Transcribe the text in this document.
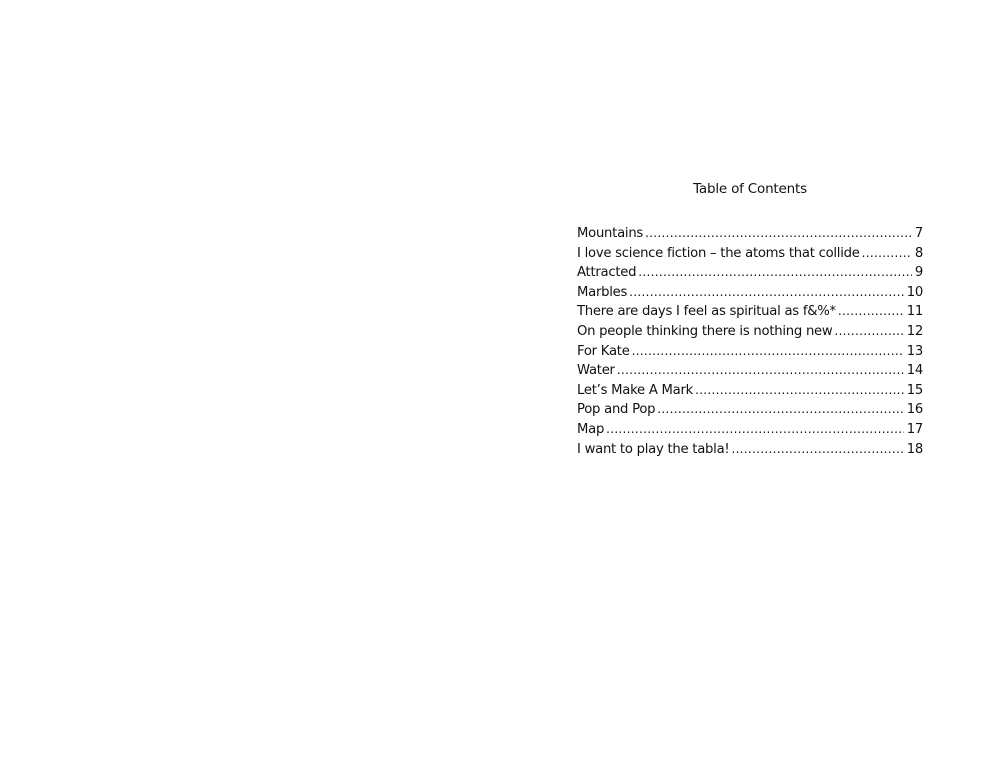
Table of Contents
Mountains .....	7
I love science fiction – the atoms that collide .....	8
Attracted .....	9
Marbles .....	10
There are days I feel as spiritual as f&%* .....	11
On people thinking there is nothing new .....	12
For Kate .....	13
Water .....	14
Let’s Make A Mark .....	15
Pop and Pop .....	16
Map .....	17
I want to play the tabla! .....	18
